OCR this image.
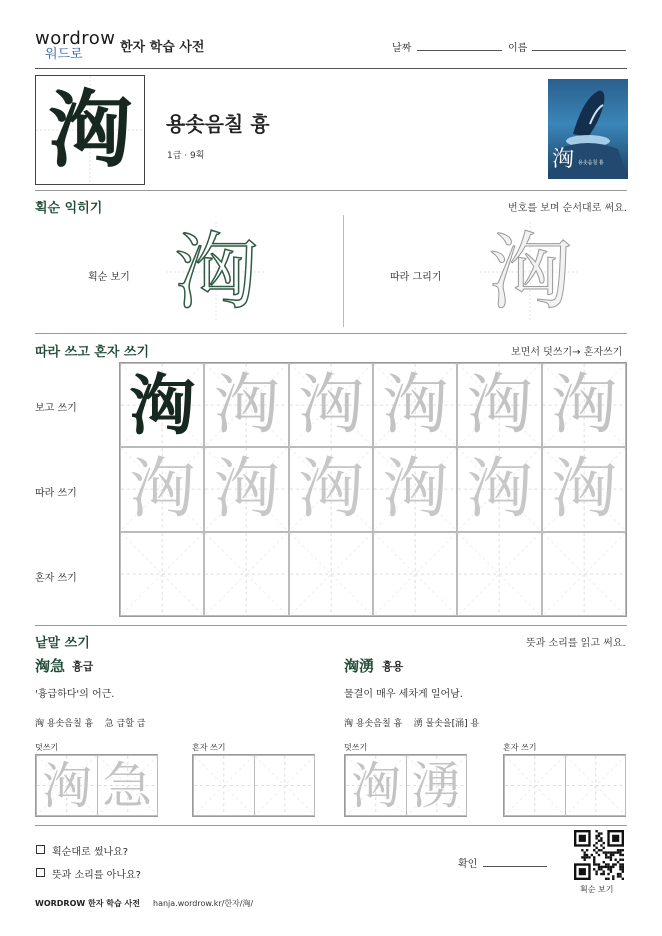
wordrow
워드로	한자 학습 사전	날짜	이름
洶	용솟음칠 흉
1급 · 9획	洶 용솟음칠 흉
획순 익히기	번호를 보며 순서대로 써요.
획순 보기 洶	따라 그리기 洶
따라 쓰고 혼자 쓰기	보면서 덧쓰기→ 혼자쓰기
보고 쓰기
따라 쓰기
혼자 쓰기
洶 洶 洶 洶 洶 洶
洶 洶 洶 洶 洶 洶
낱말 쓰기	뜻과 소리를 읽고 써요.
洶急 흉급
'흉급하다'의 어근.
洶 용솟음칠 흉    急 급할 급
덧쓰기	혼자 쓰기
洶 急
洶湧 흉용
물결이 매우 세차게 일어남.
洶 용솟음칠 흉    湧 물솟을[涌] 용
덧쓰기	혼자 쓰기
洶 湧
획순대로 썼나요?
뜻과 소리를 아나요?
확인
획순 보기
WORDROW 한자 학습 사전 hanja.wordrow.kr/한자/洶/
